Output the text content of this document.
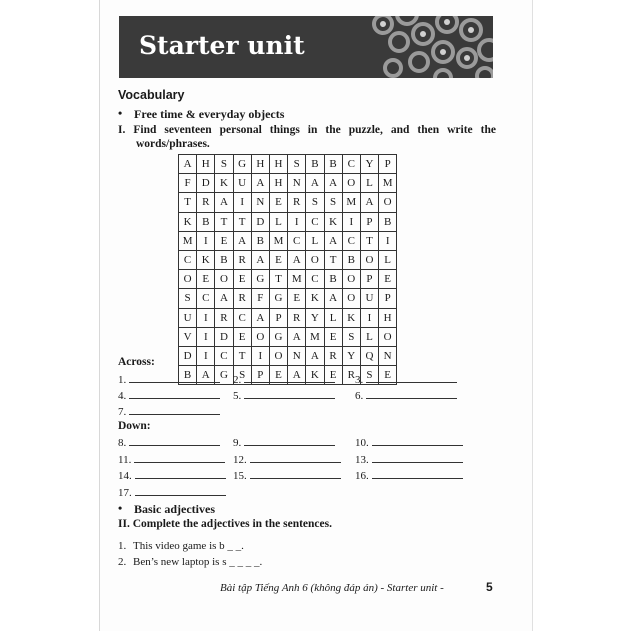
Starter unit
Vocabulary
• Free time & everyday objects
I. Find seventeen personal things in the puzzle, and then write the
words/phrases.
A	H	S	G	H	H	S	B	B	C	Y	P
F	D	K	U	A	H	N	A	A	O	L	M
T	R	A	I	N	E	R	S	S	M	A	O
K	B	T	T	D	L	I	C	K	I	P	B
M	I	E	A	B	M	C	L	A	C	T	I
C	K	B	R	A	E	A	O	T	B	O	L
O	E	O	E	G	T	M	C	B	O	P	E
S	C	A	R	F	G	E	K	A	O	U	P
U	I	R	C	A	P	R	Y	L	K	I	H
V	I	D	E	O	G	A	M	E	S	L	O
D	I	C	T	I	O	N	A	R	Y	Q	N
B	A	G	S	P	E	A	K	E	R	S	E
Across:
1.	2.	3.
4.	5.	6.
7.
Down:
8.	9.	10.
11.	12.	13.
14.	15.	16.
17.
• Basic adjectives
II. Complete the adjectives in the sentences.
1. This video game is b _ _.
2. Ben’s new laptop is s _ _ _ _.
Bài tập Tiếng Anh 6 (không đáp án) - Starter unit -	5
